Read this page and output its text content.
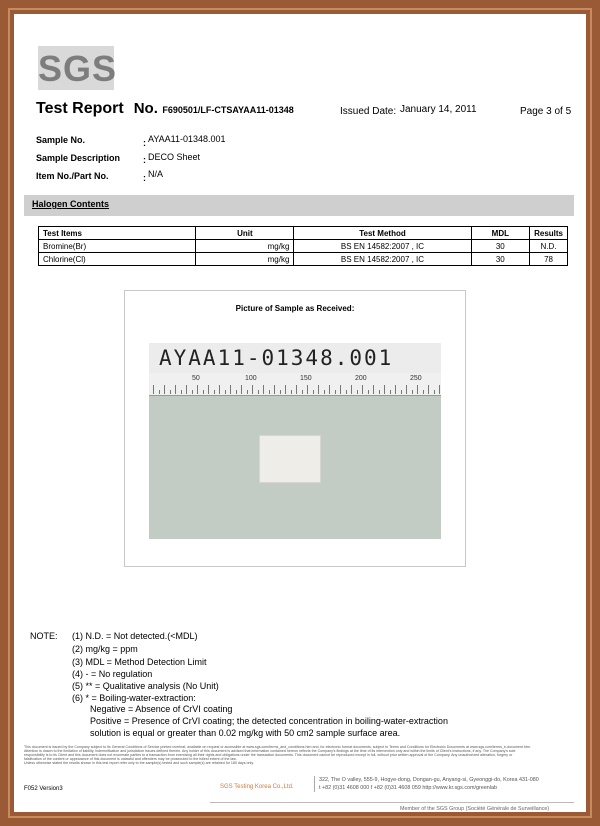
SGS
Test Report No. F690501/LF-CTSAYAA11-01348	Issued Date: January 14, 2011	Page 3 of 5
Sample No.	: AYAA11-01348.001
Sample Description	: DECO Sheet
Item No./Part No.	: N/A
Halogen Contents
Test Items	Unit	Test Method	MDL	Results
Bromine(Br)	mg/kg	BS EN 14582:2007 , IC	30	N.D.
Chlorine(Cl)	mg/kg	BS EN 14582:2007 , IC	30	78
Picture of Sample as Received:
AYAA11-01348.001
50	100	150	200	250
NOTE: (1) N.D. = Not detected.(<MDL)
(2) mg/kg = ppm
(3) MDL = Method Detection Limit
(4) - = No regulation
(5) ** = Qualitative analysis (No Unit)
(6) * = Boiling-water-extraction:
Negative = Absence of CrVI coating
Positive = Presence of CrVI coating; the detected concentration in boiling-water-extraction
solution is equal or greater than 0.02 mg/kg with 50 cm2 sample surface area.
This document is issued by the Company subject to its General Conditions of Service printed overleaf, available on request or accessible at www.sgs.com/terms_and_conditions.htm and, for electronic format documents, subject to Terms and Conditions for Electronic Documents at www.sgs.com/terms_e-document.htm.
Attention is drawn to the limitation of liability, indemnification and jurisdiction issues defined therein. Any holder of this document is advised that information contained hereon reflects the Company's findings at the time of its intervention only and within the limits of Client's instructions, if any. The Company's sole
responsibility is to its Client and this document does not exonerate parties to a transaction from exercising all their rights and obligations under the transaction documents. This document cannot be reproduced except in full, without prior written approval of the Company. Any unauthorized alteration, forgery or
falsification of the content or appearance of this document is unlawful and offenders may be prosecuted to the fullest extent of the law.
Unless otherwise stated the results shown in this test report refer only to the sample(s) tested and such sample(s) are retained for 180 days only.
F052 Version3	SGS Testing Korea Co.,Ltd.
322, The O valley, 555-9, Hogye-dong, Dongan-gu, Anyang-si, Gyeonggi-do, Korea 431-080
t +82 (0)31 4608 000 f +82 (0)31 4608 059 http://www.kr.sgs.com/greenlab
Member of the SGS Group (Société Générale de Surveillance)
